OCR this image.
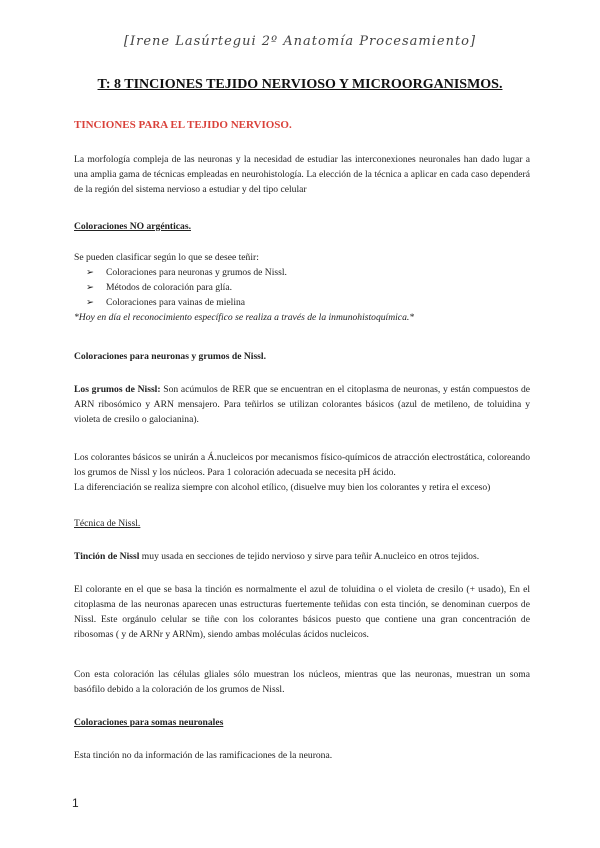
[Irene Lasúrtegui 2º Anatomía Procesamiento]
T: 8 TINCIONES TEJIDO NERVIOSO Y MICROORGANISMOS.
TINCIONES PARA EL TEJIDO NERVIOSO.

La morfología compleja de las neuronas y la necesidad de estudiar las interconexiones neuronales han dado lugar a una amplia gama de técnicas empleadas en neurohistología. La elección de la técnica a aplicar en cada caso dependerá de la región del sistema nervioso a estudiar y del tipo celular

Coloraciones NO argénticas.

Se pueden clasificar según lo que se desee teñir:

➢ Coloraciones para neuronas y grumos de Nissl.
➢ Métodos de coloración para glía.
➢ Coloraciones para vainas de mielina

*Hoy en día el reconocimiento específico se realiza a través de la inmunohistoquímica.*

Coloraciones para neuronas y grumos de Nissl.

Los grumos de Nissl: Son acúmulos de RER que se encuentran en el citoplasma de neuronas, y están compuestos de ARN ribosómico y ARN mensajero. Para teñirlos se utilizan colorantes básicos (azul de metileno, de toluidina y violeta de cresilo o galocianina).

Los colorantes básicos se unirán a Á.nucleicos por mecanismos físico-químicos de atracción electrostática, coloreando los grumos de Nissl y los núcleos. Para 1 coloración adecuada se necesita pH ácido.

La diferenciación se realiza siempre con alcohol etílico, (disuelve muy bien los colorantes y retira el exceso)

Técnica de Nissl.

Tinción de Nissl muy usada en secciones de tejido nervioso y sirve para teñir A.nucleico en otros tejidos.

El colorante en el que se basa la tinción es normalmente el azul de toluidina o el violeta de cresilo (+ usado), En el citoplasma de las neuronas aparecen unas estructuras fuertemente teñidas con esta tinción, se denominan cuerpos de Nissl. Este orgánulo celular se tiñe con los colorantes básicos puesto que contiene una gran concentración de ribosomas ( y de ARNr y ARNm), siendo ambas moléculas ácidos nucleicos.

Con esta coloración las células gliales sólo muestran los núcleos, mientras que las neuronas, muestran un soma basófilo debido a la coloración de los grumos de Nissl.

Coloraciones para somas neuronales

Esta tinción no da información de las ramificaciones de la neurona.

1
